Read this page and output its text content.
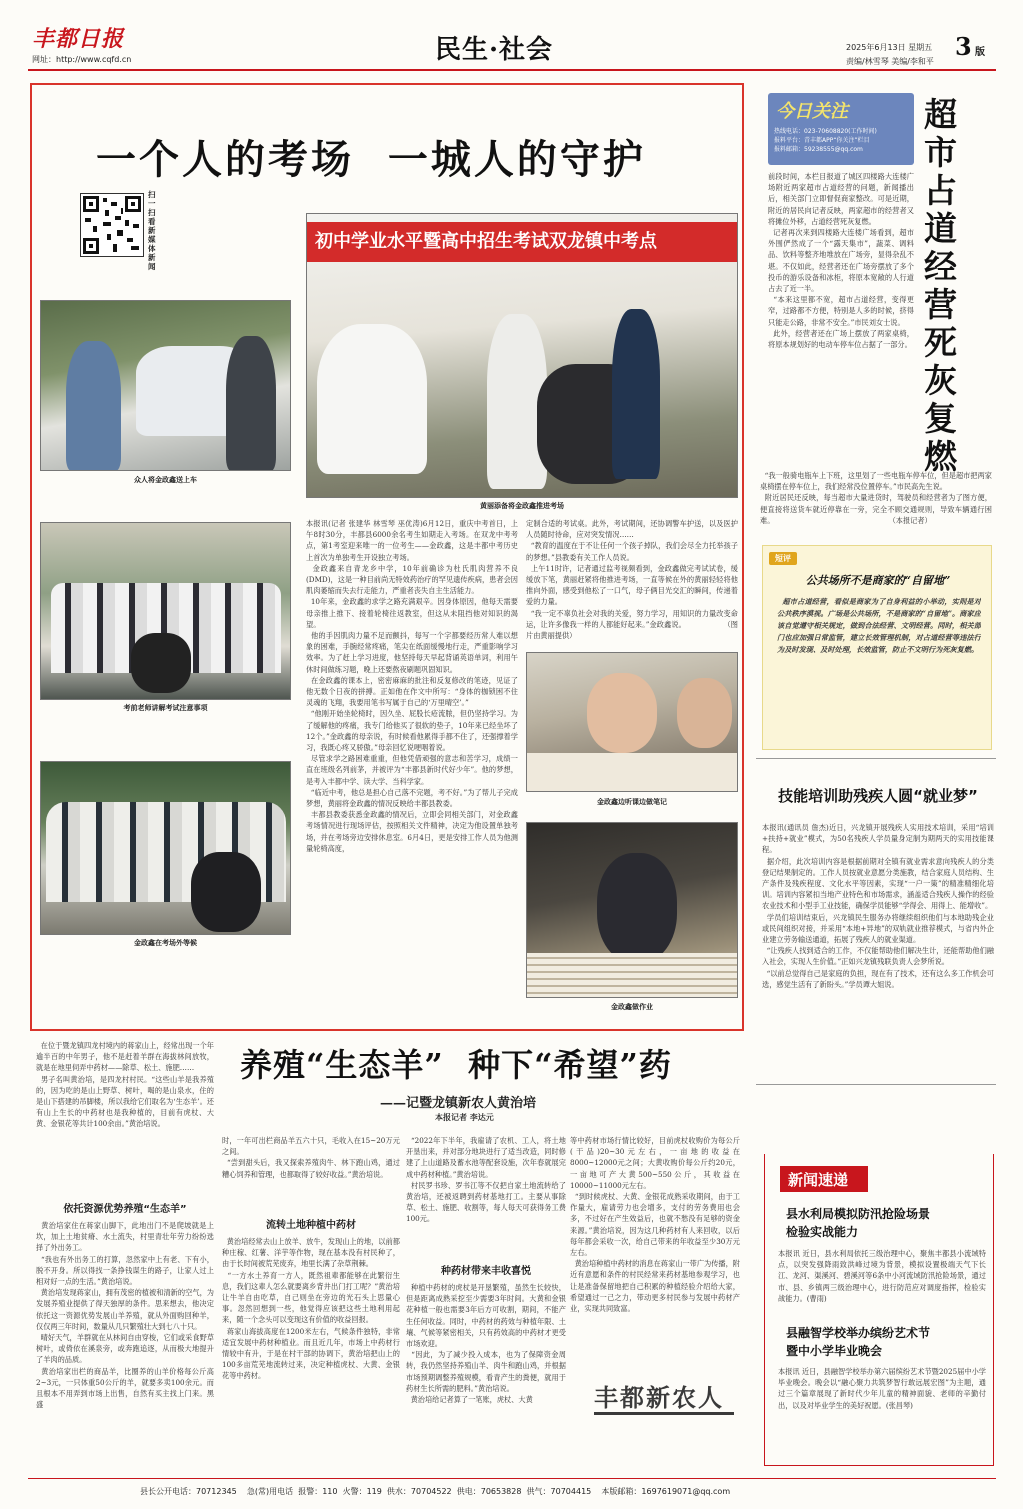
丰都日报
网址：http://www.cqfd.cn	民生·社会	2025年6月13日 星期五 3 版
责编/林雪琴 美编/李和平
一个人的考场  一城人的守护
扫一扫 看 新 媒 体 新 闻
众人将金政鑫送上车
初中学业水平暨高中招生考试双龙镇中考点
黄丽添备将金政鑫推进考场
考前老师讲解考试注意事项
金政鑫在考场外等候
本报讯(记者 张建华 林雪琴 巫优涛)6月12日，重庆中考首日，上午8时30分，丰都县6000余名考生如期走入考场。在双龙中考考点，第1考室迎来唯一的一位考生——金政鑫，这是丰都中考历史上首次为单独考生开设独立考场。
金政鑫来自青龙乡中学，10年前确诊为杜氏肌肉营养不良(DMD)，这是一种目前尚无特效药治疗的罕见遗传疾病，患者会因肌肉萎缩而失去行走能力，严重者丧失自主生活能力。
10年来，金政鑫的求学之路充满艰辛。因身体原因，他每天需要母亲推上推下、接着轮椅往返教室，但这从未阻挡他对知识的渴望。
他的手因肌肉力量不足而颤抖，每写一个字都要经历常人难以想象的困难，手腕经常疼痛，笔尖在纸面缓慢地行走，严重影响学习效率。为了赶上学习进度，他坚持每天早起背诵英语单词，利用午休时间做练习题，晚上还要熬夜刷题巩固知识。
在金政鑫的课本上，密密麻麻的批注和反复修改的笔迹，见证了他无数个日夜的拼搏。正如他在作文中所写：“身体的枷锁困不住灵魂的飞翔，我要用笔书写属于自己的‘万里晴空’。”
“他刚开始坐轮椅时，因久坐、屁股长疮流脓，但仍坚持学习。为了缓解他的疼痛，我专门给他买了很软的垫子，10年来已经坐坏了12个。”金政鑫的母亲说，有时候看他累得手都不住了，还强撑着学习，我既心疼又骄傲。”母亲回忆说哽咽着说。
尽管求学之路困难重重，但他凭借顽强的意志和苦学习，成绩一直在班级名列前茅，并被评为“丰都县新时代好少年”。他的梦想，是考入丰都中学、读大学、当科学家。
“临近中考，他总是担心自己落不完题，考不好。”为了帮儿子完成梦想，黄丽将金政鑫的情况反映给丰都县教委。
丰都县教委获悉金政鑫的情况后，立即会同相关部门，对金政鑫考场情况进行现场评估，按照相关文件精神，决定为他设置单独考场，并在考场旁边安排休息室。6月4日，更是安排工作人员为他测量轮椅高度，
定制合适的考试桌。此外，考试期间，还协调警车护送，以及医护人员随时待命，应对突发情况……
“教育的温度在于不让任何一个孩子掉队，我们会尽全力托举孩子的梦想。”县教委有关工作人员说。
上午11时许，记者通过监考视频看到，金政鑫做完考试试卷，缓缓放下笔，黄丽赶紧将他推进考场，一直等候在外的黄丽轻轻将他推向外面，感受到他松了一口气，母子俩目光交汇的瞬间，传递着爱的力量。
“我一定不辜负社会对我的关爱，努力学习，用知识的力量改变命运，让许多像我一样的人都能好起来。”金政鑫说。                （图片由黄丽提供）
金政鑫边听课边做笔记
金政鑫做作业
今日关注
热线电话：023-70608820(工作时间)
报料平台：青丰都APP“你关注”栏目
报料邮箱：59238555@qq.com
超市占道经营死灰复燃
前段时间，本栏目报道了城区四楼路大连楼广场附近两家超市占道经营的问题，新闻播出后，相关部门立即督促商家整改。可是近期，附近的居民向记者反映，两家超市的经营者又将摊位外移，占道经营死灰复燃。
记者再次来到四楼路大连楼广场看到，超市外围俨然成了一个“露天集市”，蔬菜、调料品、饮料等整齐地堆放在广场旁，显得杂乱不堪。不仅如此，经营者还在广场旁摆放了多个投币的游乐设备和冰柜，将原本宽敞的人行道占去了近一半。
“本来这里都不宽，超市占道经营，变得更窄，过路都不方便，特别是人多的时候，挤得只能走公路，非常不安全。”市民刘女士说。
此外，经营者还在广场上摆放了两家桌椅，将原本规划好的电动车停车位占据了一部分。
“我一般骑电瓶车上下班，这里划了一些电瓶车停车位，但是超市把两家桌椅摆在停车位上，我们经常没位置停车。”市民高先生说。
附近居民还反映，每当超市大量进货时，驾驶员和经营者为了图方便，便直接将送货车就近停靠在一旁，完全不顾交通规则，导致车辆通行困难。                                                  （本报记者）
短评
公共场所不是商家的“自留地”
超市占道经营，看似是商家为了自身利益的小举动，实则是对公共秩序漠视。广场是公共场所，不是商家的“自留地”。商家应该自觉遵守相关规定，做到合法经营、文明经营。同时，相关部门也应加强日常监管，建立长效管理机制，对占道经营等违法行为及时发现、及时处理，长效监管，防止不文明行为死灰复燃。
技能培训助残疾人圆“就业梦”
本报讯(通讯员 詹杰)近日，兴龙镇开展残疾人实用技术培训，采用“培训+扶持+就业”模式，为50名残疾人学员量身定制为期两天的实用技能课程。
据介绍，此次培训内容是根据前期对全镇有就业需求意向残疾人的分类登记结果制定的。工作人员按就业意愿分类施教，结合家庭人员结构、生产条件及残疾程度、文化水平等因素，实现“一户一策”的精准精细化培训。培训内容紧扣当地产业特色和市场需求，涵盖适合残疾人操作的经验农业技术和小型手工业技能，确保学员能够“学得会、用得上、能增收”。
学员们培训结束后，兴龙镇民生服务办将继续组织他们与本地助残企业或民间组织对接，并采用“本地+异地”的双轨就业推荐模式，与省内外企业建立劳务输送通道，拓展了残疾人的就业渠道。
“让残疾人找到适合的工作，不仅能帮助他们解决生计，还能帮助他们融入社会，实现人生价值。”正如兴龙镇残联负责人会梦所说。
“以前总觉得自己是家庭的负担，现在有了技术，还有这么多工作机会可选，感觉生活有了新盼头。”学员谭大姐说。
新闻速递
县水利局模拟防汛抢险场景
检验实战能力
本报讯 近日，县水利局依托三级治理中心，聚焦丰都县小流域特点，以突发强降雨致洪峰过境为背景，模拟设置极端天气下长江、龙河、渠溪河、碧溪河等6条中小河流域防汛抢险场景，通过市、县、乡镇两三级治理中心，进行防范应对调度指挥，检验实战能力。(曹雨)
县融智学校举办缤纷艺术节
暨中小学毕业晚会
本报讯 近日，县融智学校举办第六届缤纷艺术节暨2025届中小学毕业晚会。晚会以“融心聚力共筑梦智行敢远展宏图”为主题，通过三个篇章展现了新时代少年儿童的精神面貌、老师的辛勤付出，以及对毕业学生的美好祝愿。(张昌琴)
养殖“生态羊”  种下“希望”药
——记暨龙镇新农人黄治培
本报记者 李达元
在位于暨龙镇四龙村境内的蒋家山上，经常出现一个年逾半百的中年男子，他不是赶着羊群在海拔林间放牧，就是在地里伺弄中药材——除草、松土、施肥……
男子名叫黄治培，是四龙村村民。“这些山羊是我养殖的，因为吃的是山上野草、树叶，喝的是山泉水，住的是山下搭建的吊脚楼，所以我给它们取名为‘生态羊’。还有山上生长的中药材也是我种植的，目前有虎杖、大黄、金银花等共计100余亩。”黄治培说。
依托资源优势养殖“生态羊”
黄治培家住在蒋家山脚下，此地出门不是爬坡就是上坎，加上土地贫瘠、水土流失，村里青壮年劳力纷纷选择了外出务工。
“我也有外出务工的打算，忽然家中上有老、下有小，脱不开身。所以得找一条挣钱谋生的路子，让家人过上相对好一点的生活。”黄治培说。
黄治培发现蒋家山，拥有茂密的植被和清新的空气，为发展养殖业提供了得天独厚的条件。思来想去，他决定依托这一资源优势发展山羊养殖，就从外面购回种羊，仅仅两三年时间，数量从几只繁殖壮大到七八十只。
晴好天气，羊群就在从林间自由穿梭，它们或采食野草树叶，或倚依在溪泉旁，或奔跑追逐，从而极大地提升了羊肉的品质。
黄治培家出栏的商品羊，比圈养的山羊价格每公斤高2~3元，一只体重50公斤的羊，就要多卖100余元。而且根本不用弄到市场上出售，自然有买主找上门来。黑盛
时，一年可出栏商品羊五六十只，毛收入在15~20万元之间。
“尝到甜头后，我又探索养殖肉牛、林下跑山鸡，通过糟心饲养和管理，也都取得了较好收益。”黄治培说。
流转土地种植中药材
黄治培经常去山上放羊、放牛，发现山上的地，以前都种庄稼、红薯、洋芋等作物，现在基本没有村民种了，由于长时间被荒芜废弃，地里长满了杂草荆棘。
“一方水土养育一方人，既然祖辈都能够在此繁衍生息，我们这辈人怎么就要离乡背井出门打工呢？”黄治培让牛羊自由吃草，自己则坐在旁边的光石头上思量心事。忽然回想到一些，他觉得应该把这些土地利用起来，随一个念头可以变现这有价值的收益回报。
蒋家山海拔高度在1200米左右，气候条件独特，非常适宜发展中药材种植业。而且近几年，市场上中药材行情较中有升，于是在村干部的协调下，黄治培把山上的100多亩荒芜地流转过来，决定种植虎杖、大黄、金银花等中药材。
“2022年下半年，我雇请了农机、工人，将土地开垦出来，并对部分地块进行了适当改造，同时修建了上山道路及蓄水池等配套设施，次年春就展完成中药材种植。”黄治培说。
村民罗书珍、罗书江等不仅把自家土地流转给了黄治培，还被返聘到药材基地打工。主要从事除草、松土、施肥、收割等，每人每天可获得务工费100元。
种药材带来丰收喜悦
种植中药材的虎杖是开垦繁殖，虽然生长较快，但是距离成熟采挖至少需要3年时间。大黄和金银花种植一般也需要3年后方可收割，期间，不能产生任何收益。同时，中药材的药效与种植年限、土壤、气候等紧密相关，只有药效高的中药材才更受市场欢迎。
“因此，为了减少投入成本，也为了保障资金周转，我仍然坚持养殖山羊、肉牛和跑山鸡，并根据市场预期调整养殖规模，看青产生的粪便，就用于药材生长所需的肥料。”黄治培说。
黄治培给记者算了一笔账，虎杖、大黄
等中药材市场行情比较好，目前虎杖收购价为每公斤(干品)20~30元左右，一亩地的收益在8000~12000元之间；大黄收购价每公斤约20元，一亩地可产大黄500~550公斤，其收益在10000~11000元左右。
“到时候虎杖、大黄、金银花成熟采收期间，由于工作量大，雇请劳力也会增多，支付的劳务费用也会多，不过好在产生效益后，也就不愁没有足够的资金来源。”黄治培说，因为这几种药材有人来回收，以后每年都会采收一次，给自己带来的年收益至少30万元左右。
黄治培种植中药材的消息在蒋家山一带广为传播，附近有意愿和条件的村民经常来药材基地参观学习，也让是准备保留地把自己积累的种植经验介绍给大家，希望通过一己之力，带动更多村民参与发展中药材产业，实现共同致富。
丰都新农人
县长公开电话：70712345    急(常)用电话  报警：110  火警：119  供水：70704522  供电：70653828  供气：70704415    本版邮箱：1697619071@qq.com
